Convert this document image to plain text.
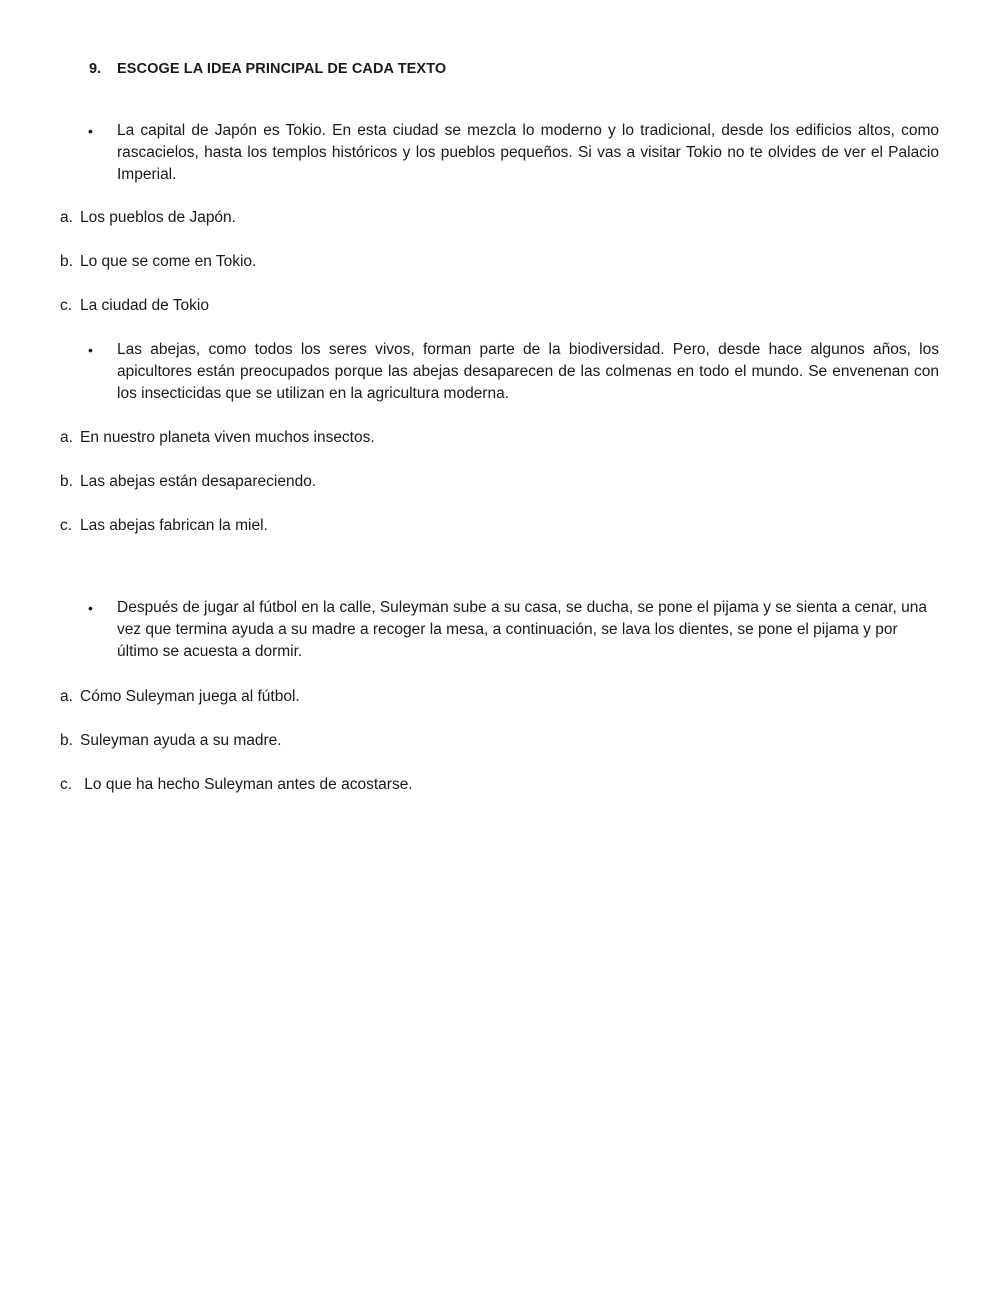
9. ESCOGE LA IDEA PRINCIPAL DE CADA TEXTO
• La capital de Japón es Tokio. En esta ciudad se mezcla lo moderno y lo tradicional, desde los edificios altos, como rascacielos, hasta los templos históricos y los pueblos pequeños. Si vas a visitar Tokio no te olvides de ver el Palacio Imperial.
a. Los pueblos de Japón.
b. Lo que se come en Tokio.
c. La ciudad de Tokio
• Las abejas, como todos los seres vivos, forman parte de la biodiversidad. Pero, desde hace algunos años, los apicultores están preocupados porque las abejas desaparecen de las colmenas en todo el mundo. Se envenenan con los insecticidas que se utilizan en la agricultura moderna.
a. En nuestro planeta viven muchos insectos.
b. Las abejas están desapareciendo.
c. Las abejas fabrican la miel.
• Después de jugar al fútbol en la calle, Suleyman sube a su casa, se ducha, se pone el pijama y se sienta a cenar, una vez que termina ayuda a su madre a recoger la mesa, a continuación, se lava los dientes, se pone el pijama y por último se acuesta a dormir.
a. Cómo Suleyman juega al fútbol.
b. Suleyman ayuda a su madre.
c. Lo que ha hecho Suleyman antes de acostarse.
